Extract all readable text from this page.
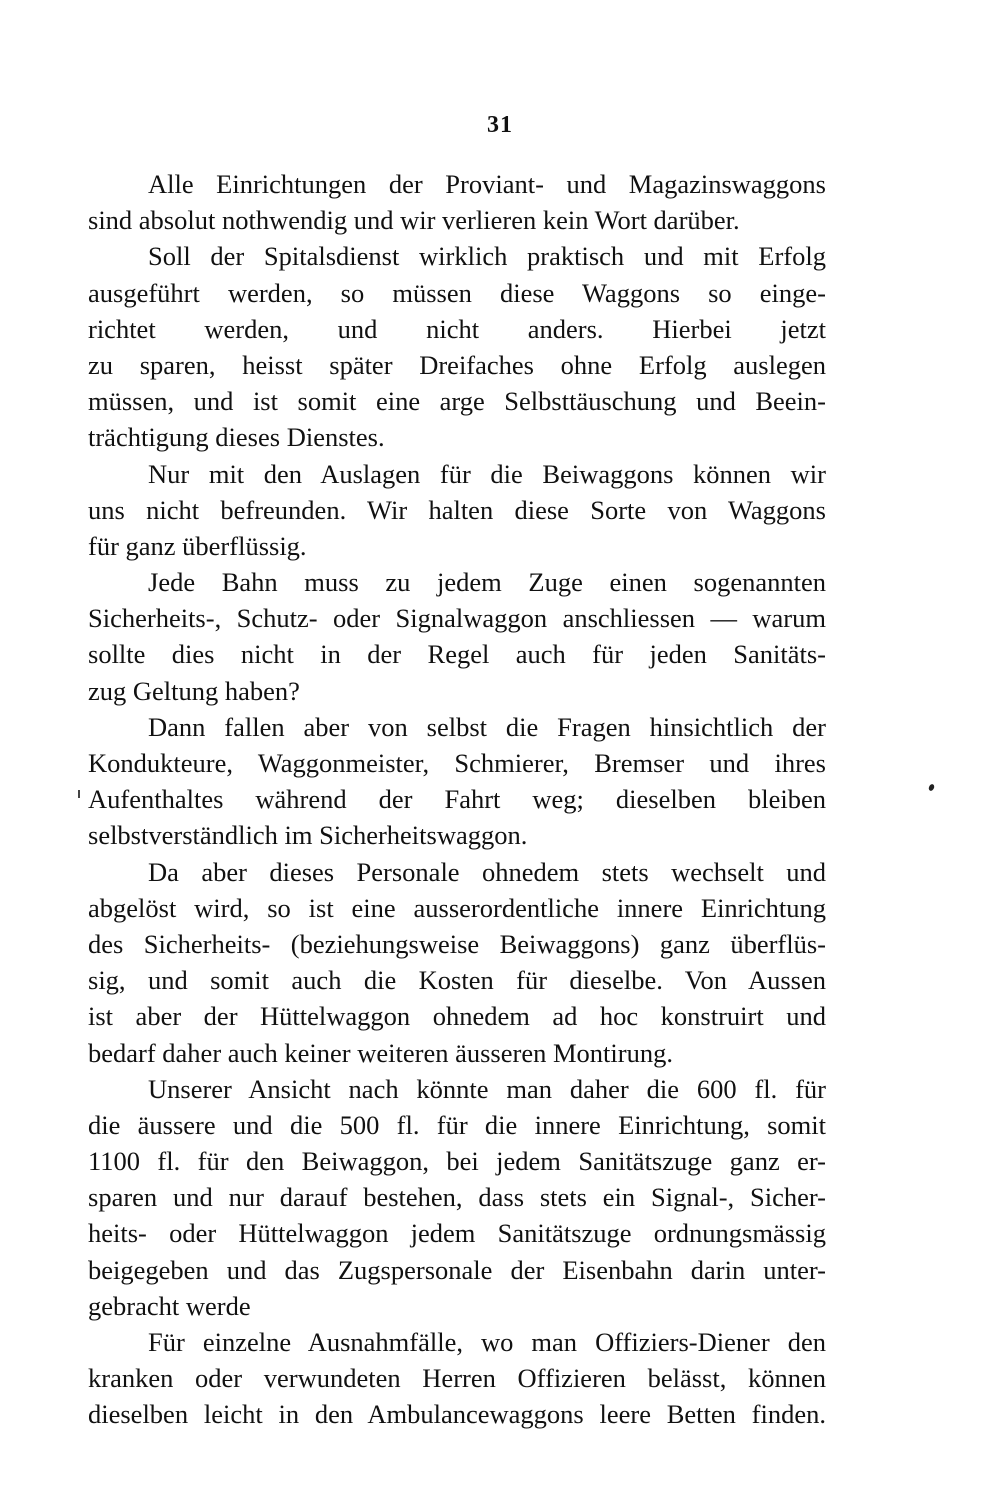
31
Alle Einrichtungen der Proviant- und Magazinswaggons
sind absolut nothwendig und wir verlieren kein Wort darüber.
Soll der Spitalsdienst wirklich praktisch und mit Erfolg
ausgeführt werden, so müssen diese Waggons so einge-
richtet werden, und nicht anders. Hierbei jetzt
zu sparen, heisst später Dreifaches ohne Erfolg auslegen
müssen, und ist somit eine arge Selbsttäuschung und Beein-
trächtigung dieses Dienstes.
Nur mit den Auslagen für die Beiwaggons können wir
uns nicht befreunden. Wir halten diese Sorte von Waggons
für ganz überflüssig.
Jede Bahn muss zu jedem Zuge einen sogenannten
Sicherheits-, Schutz- oder Signalwaggon anschliessen — warum
sollte dies nicht in der Regel auch für jeden Sanitäts-
zug Geltung haben?
Dann fallen aber von selbst die Fragen hinsichtlich der
Kondukteure, Waggonmeister, Schmierer, Bremser und ihres
Aufenthaltes während der Fahrt weg; dieselben bleiben
selbstverständlich im Sicherheitswaggon.
Da aber dieses Personale ohnedem stets wechselt und
abgelöst wird, so ist eine ausserordentliche innere Einrichtung
des Sicherheits- (beziehungsweise Beiwaggons) ganz überflüs-
sig, und somit auch die Kosten für dieselbe. Von Aussen
ist aber der Hüttelwaggon ohnedem ad hoc konstruirt und
bedarf daher auch keiner weiteren äusseren Montirung.
Unserer Ansicht nach könnte man daher die 600 fl. für
die äussere und die 500 fl. für die innere Einrichtung, somit
1100 fl. für den Beiwaggon, bei jedem Sanitätszuge ganz er-
sparen und nur darauf bestehen, dass stets ein Signal-, Sicher-
heits- oder Hüttelwaggon jedem Sanitätszuge ordnungsmässig
beigegeben und das Zugspersonale der Eisenbahn darin unter-
gebracht werde
Für einzelne Ausnahmfälle, wo man Offiziers-Diener den
kranken oder verwundeten Herren Offizieren belässt, können
dieselben leicht in den Ambulancewaggons leere Betten finden.
